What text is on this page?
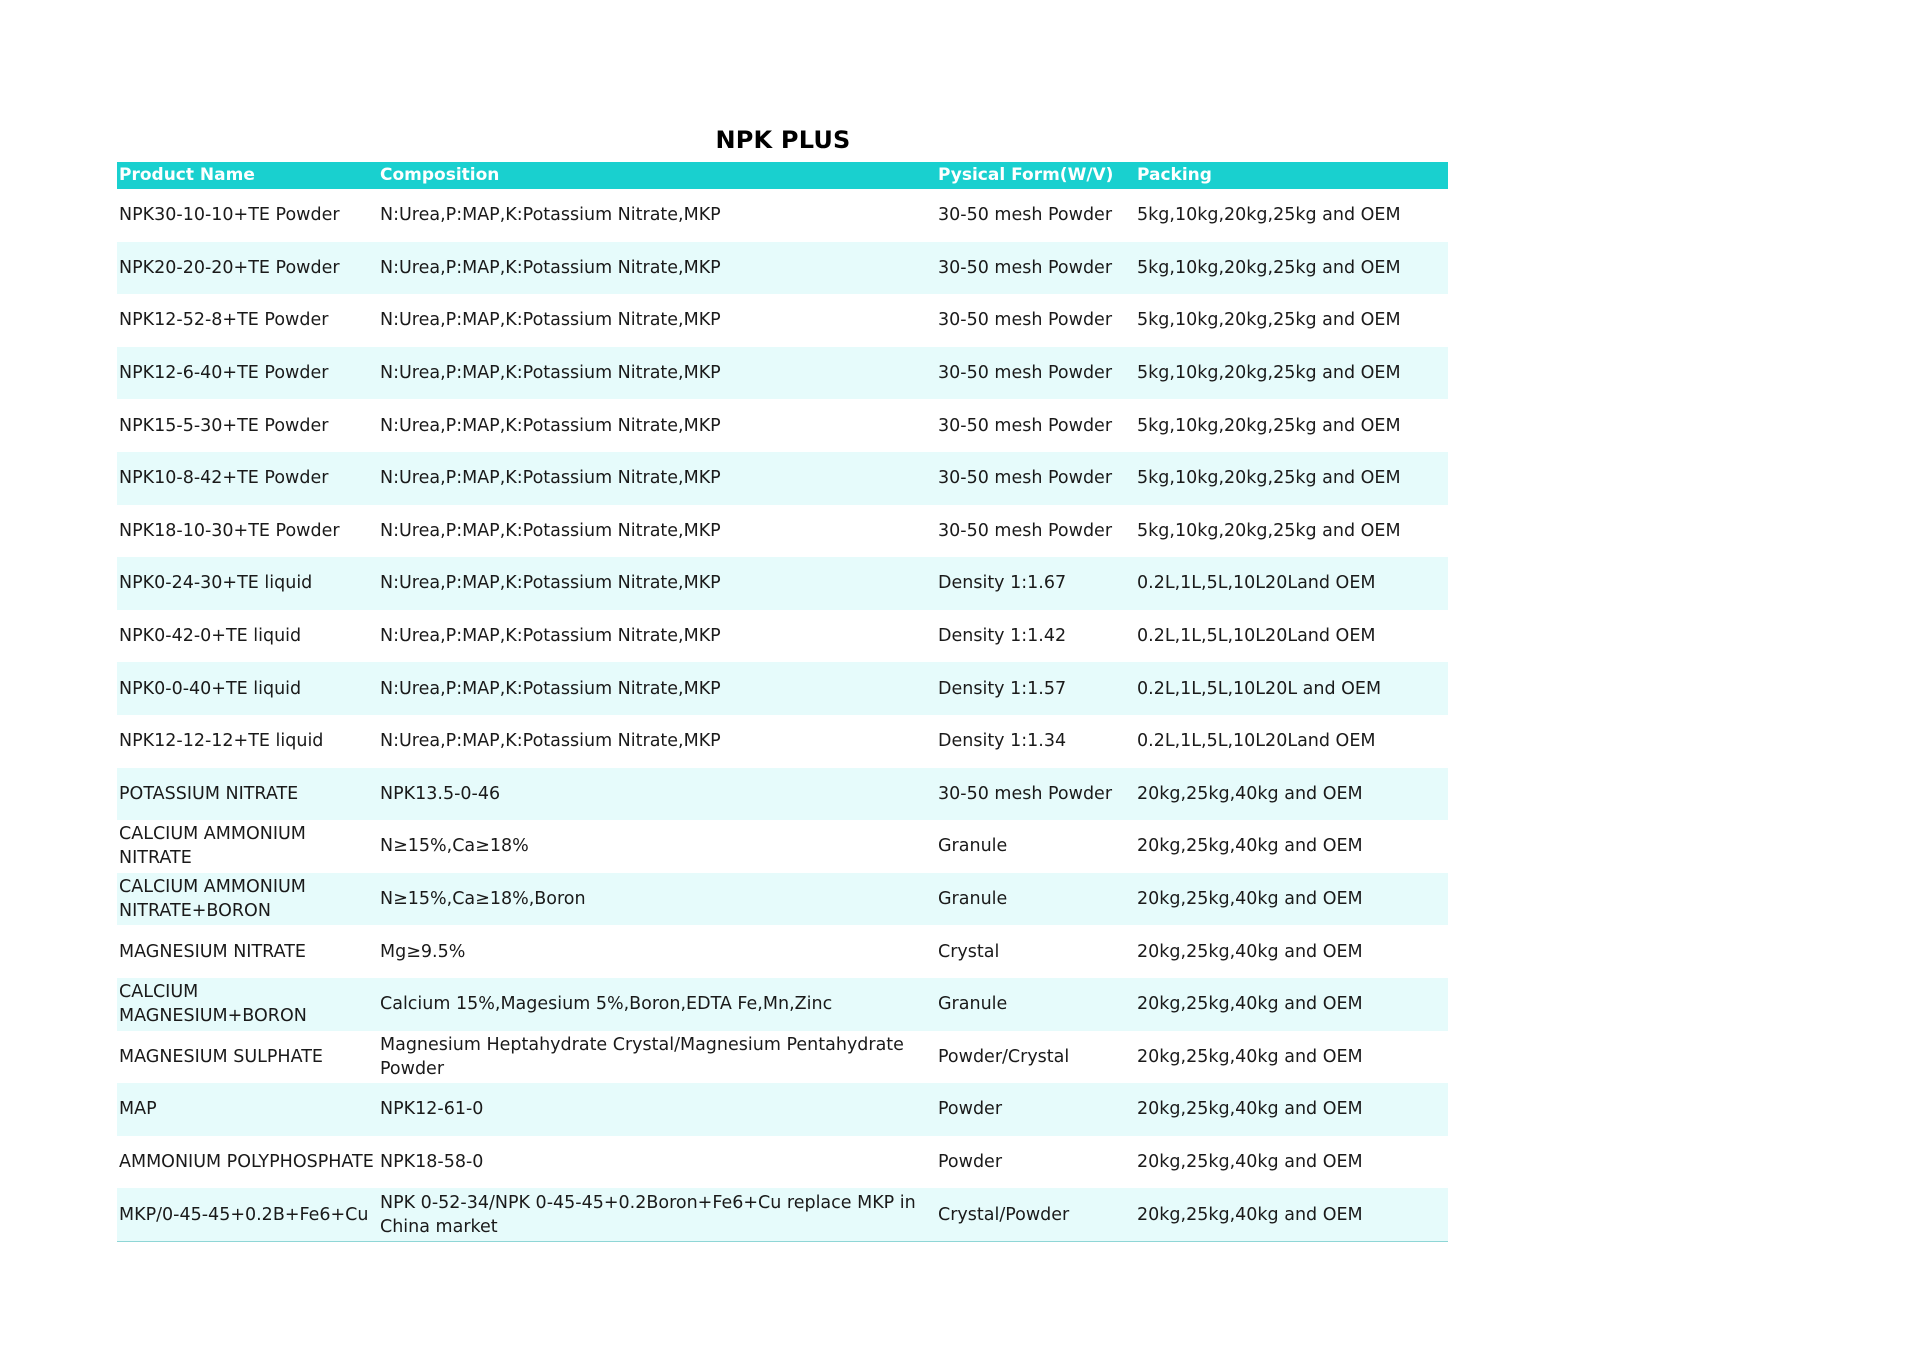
NPK PLUS
Product Name	Composition	Pysical Form(W/V)	Packing
NPK30-10-10+TE Powder	N:Urea,P:MAP,K:Potassium Nitrate,MKP	30-50 mesh Powder	5kg,10kg,20kg,25kg and OEM
NPK20-20-20+TE Powder	N:Urea,P:MAP,K:Potassium Nitrate,MKP	30-50 mesh Powder	5kg,10kg,20kg,25kg and OEM
NPK12-52-8+TE Powder	N:Urea,P:MAP,K:Potassium Nitrate,MKP	30-50 mesh Powder	5kg,10kg,20kg,25kg and OEM
NPK12-6-40+TE Powder	N:Urea,P:MAP,K:Potassium Nitrate,MKP	30-50 mesh Powder	5kg,10kg,20kg,25kg and OEM
NPK15-5-30+TE Powder	N:Urea,P:MAP,K:Potassium Nitrate,MKP	30-50 mesh Powder	5kg,10kg,20kg,25kg and OEM
NPK10-8-42+TE Powder	N:Urea,P:MAP,K:Potassium Nitrate,MKP	30-50 mesh Powder	5kg,10kg,20kg,25kg and OEM
NPK18-10-30+TE Powder	N:Urea,P:MAP,K:Potassium Nitrate,MKP	30-50 mesh Powder	5kg,10kg,20kg,25kg and OEM
NPK0-24-30+TE liquid	N:Urea,P:MAP,K:Potassium Nitrate,MKP	Density 1:1.67	0.2L,1L,5L,10L20Land OEM
NPK0-42-0+TE liquid	N:Urea,P:MAP,K:Potassium Nitrate,MKP	Density 1:1.42	0.2L,1L,5L,10L20Land OEM
NPK0-0-40+TE liquid	N:Urea,P:MAP,K:Potassium Nitrate,MKP	Density 1:1.57	0.2L,1L,5L,10L20L and OEM
NPK12-12-12+TE liquid	N:Urea,P:MAP,K:Potassium Nitrate,MKP	Density 1:1.34	0.2L,1L,5L,10L20Land OEM
POTASSIUM NITRATE	NPK13.5-0-46	30-50 mesh Powder	20kg,25kg,40kg and OEM
CALCIUM AMMONIUM NITRATE	N≥15%,Ca≥18%	Granule	20kg,25kg,40kg and OEM
CALCIUM AMMONIUM NITRATE+BORON	N≥15%,Ca≥18%,Boron	Granule	20kg,25kg,40kg and OEM
MAGNESIUM NITRATE	Mg≥9.5%	Crystal	20kg,25kg,40kg and OEM
CALCIUM MAGNESIUM+BORON	Calcium 15%,Magesium 5%,Boron,EDTA Fe,Mn,Zinc	Granule	20kg,25kg,40kg and OEM
MAGNESIUM SULPHATE	Magnesium Heptahydrate Crystal/Magnesium Pentahydrate Powder	Powder/Crystal	20kg,25kg,40kg and OEM
MAP	NPK12-61-0	Powder	20kg,25kg,40kg and OEM
AMMONIUM POLYPHOSPHATE	NPK18-58-0	Powder	20kg,25kg,40kg and OEM
MKP/0-45-45+0.2B+Fe6+Cu	NPK 0-52-34/NPK 0-45-45+0.2Boron+Fe6+Cu replace MKP in China market	Crystal/Powder	20kg,25kg,40kg and OEM
